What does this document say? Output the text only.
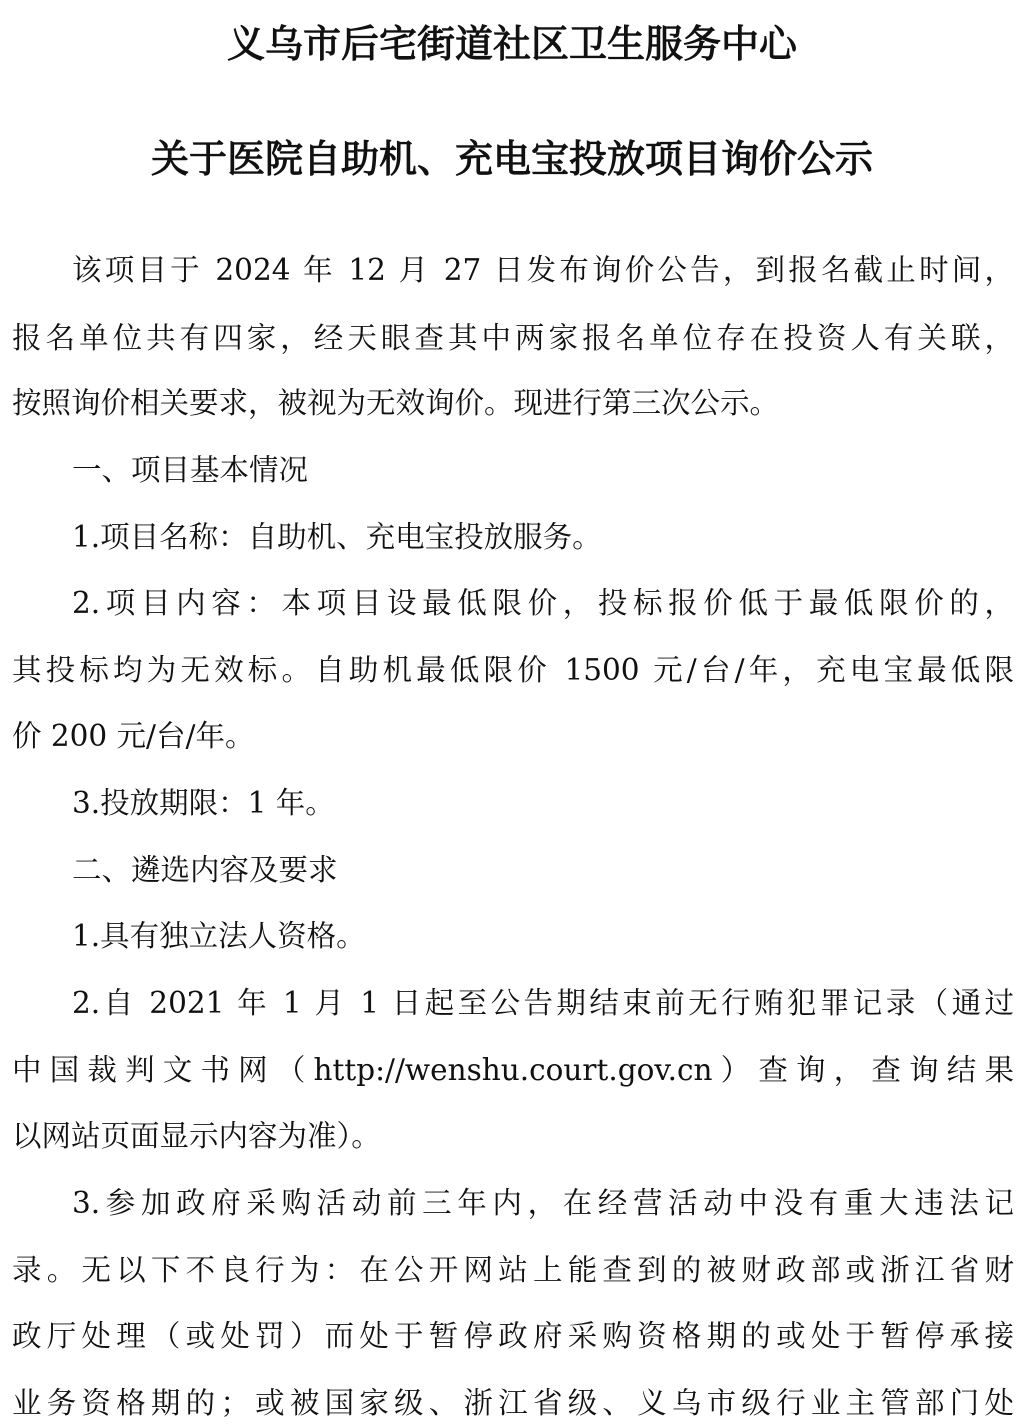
义乌市后宅街道社区卫生服务中心
关于医院自助机、充电宝投放项目询价公示
该项目于 2024 年 12 月 27 日发布询价公告，到报名截止时间，
报名单位共有四家，经天眼查其中两家报名单位存在投资人有关联，
按照询价相关要求，被视为无效询价。现进行第三次公示。
一、项目基本情况
1.项目名称：自助机、充电宝投放服务。
2.项目内容：本项目设最低限价，投标报价低于最低限价的，
其投标均为无效标。自助机最低限价 1500 元/台/年，充电宝最低限
价 200 元/台/年。
3.投放期限：1 年。
二、遴选内容及要求
1.具有独立法人资格。
2.自 2021 年 1 月 1 日起至公告期结束前无行贿犯罪记录（通过
中国裁判文书网（http://wenshu.court.gov.cn）查询，查询结果
以网站页面显示内容为准）。
3.参加政府采购活动前三年内，在经营活动中没有重大违法记
录。无以下不良行为：在公开网站上能查到的被财政部或浙江省财
政厅处理（或处罚）而处于暂停政府采购资格期的或处于暂停承接
业务资格期的；或被国家级、浙江省级、义乌市级行业主管部门处
